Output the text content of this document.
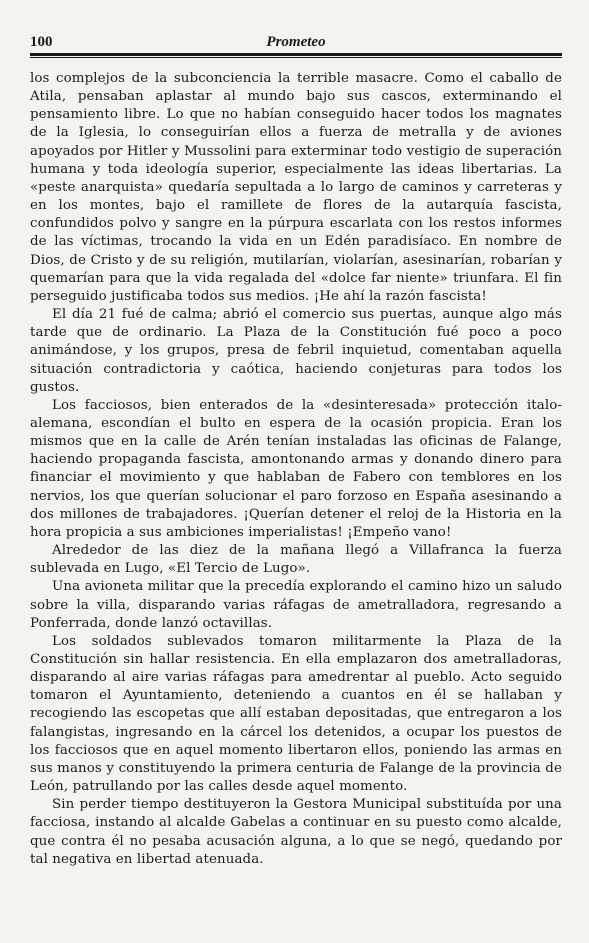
100	Prometeo

los complejos de la subconciencia la terrible masacre. Como el caballo de Atila, pensaban aplastar al mundo bajo sus cascos, exterminando el pensamiento libre. Lo que no habían conseguido hacer todos los magnates de la Iglesia, lo conseguirían ellos a fuerza de metralla y de aviones apoyados por Hitler y Mussolini para exterminar todo vestigio de superación humana y toda ideología superior, especialmente las ideas libertarias. La «peste anarquista» quedaría sepultada a lo largo de caminos y carreteras y en los montes, bajo el ramillete de flores de la autarquía fascista, confundidos polvo y sangre en la púrpura escarlata con los restos informes de las víctimas, trocando la vida en un Edén paradisíaco. En nombre de Dios, de Cristo y de su religión, mutilarían, violarían, asesinarían, robarían y quemarían para que la vida regalada del «dolce far niente» triunfara. El fin perseguido justificaba todos sus medios. ¡He ahí la razón fascista!

El día 21 fué de calma; abrió el comercio sus puertas, aunque algo más tarde que de ordinario. La Plaza de la Constitución fué poco a poco animándose, y los grupos, presa de febril inquietud, comentaban aquella situación contradictoria y caótica, haciendo conjeturas para todos los gustos.

Los facciosos, bien enterados de la «desinteresada» protección italo-alemana, escondían el bulto en espera de la ocasión propicia. Eran los mismos que en la calle de Arén tenían instaladas las oficinas de Falange, haciendo propaganda fascista, amontonando armas y donando dinero para financiar el movimiento y que hablaban de Fabero con temblores en los nervios, los que querían solucionar el paro forzoso en España asesinando a dos millones de trabajadores. ¡Querían detener el reloj de la Historia en la hora propicia a sus ambiciones imperialistas! ¡Empeño vano!

Alrededor de las diez de la mañana llegó a Villafranca la fuerza sublevada en Lugo, «El Tercio de Lugo».

Una avioneta militar que la precedía explorando el camino hizo un saludo sobre la villa, disparando varias ráfagas de ametralladora, regresando a Ponferrada, donde lanzó octavillas.

Los soldados sublevados tomaron militarmente la Plaza de la Constitución sin hallar resistencia. En ella emplazaron dos ametralladoras, disparando al aire varias ráfagas para amedrentar al pueblo. Acto seguido tomaron el Ayuntamiento, deteniendo a cuantos en él se hallaban y recogiendo las escopetas que allí estaban depositadas, que entregaron a los falangistas, ingresando en la cárcel los detenidos, a ocupar los puestos de los facciosos que en aquel momento libertaron ellos, poniendo las armas en sus manos y constituyendo la primera centuria de Falange de la provincia de León, patrullando por las calles desde aquel momento.

Sin perder tiempo destituyeron la Gestora Municipal substituída por una facciosa, instando al alcalde Gabelas a continuar en su puesto como alcalde, que contra él no pesaba acusación alguna, a lo que se negó, quedando por tal negativa en libertad atenuada.
